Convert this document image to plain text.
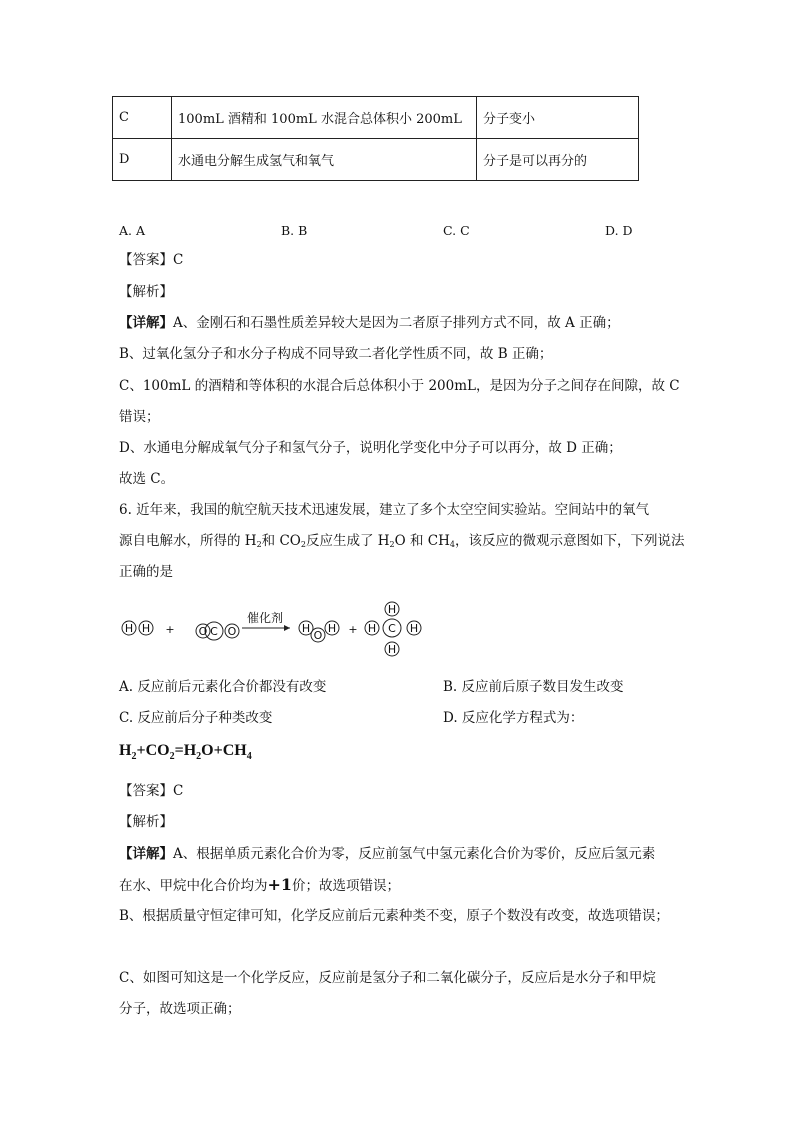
C	100mL 酒精和 100mL 水混合总体积小 200mL	分子变小
D	水通电分解生成氢气和氧气	分子是可以再分的
A. A	B. B	C. C	D. D
【答案】C
【解析】
【详解】A、金刚石和石墨性质差异较大是因为二者原子排列方式不同，故 A 正确；
B、过氧化氢分子和水分子构成不同导致二者化学性质不同，故 B 正确；
C、100mL 的酒精和等体积的水混合后总体积小于 200mL，是因为分子之间存在间隙，故 C
错误；
D、水通电分解成氧气分子和氢气分子，说明化学变化中分子可以再分，故 D 正确；
故选 C。
6. 近年来，我国的航空航天技术迅速发展，建立了多个太空空间实验站。空间站中的氧气
源自电解水，所得的 $H_2$和 $CO_2$反应生成了 $H_2O$ 和 $CH_4$，该反应的微观示意图如下，下列说法
正确的是
H H + O C O
催化剂
H
O
H + H C H
H
H
A. 反应前后元素化合价都没有改变	B. 反应前后原子数目发生改变
C. 反应前后分子种类改变	D. 反应化学方程式为：
$H_2+CO_2=H_2O+CH_4$
【答案】C
【解析】
【详解】A、根据单质元素化合价为零，反应前氢气中氢元素化合价为零价，反应后氢元素
在水、甲烷中化合价均为+1价；故选项错误；
B、根据质量守恒定律可知，化学反应前后元素种类不变，原子个数没有改变，故选项错误；
C、如图可知这是一个化学反应，反应前是氢分子和二氧化碳分子，反应后是水分子和甲烷
分子，故选项正确；
